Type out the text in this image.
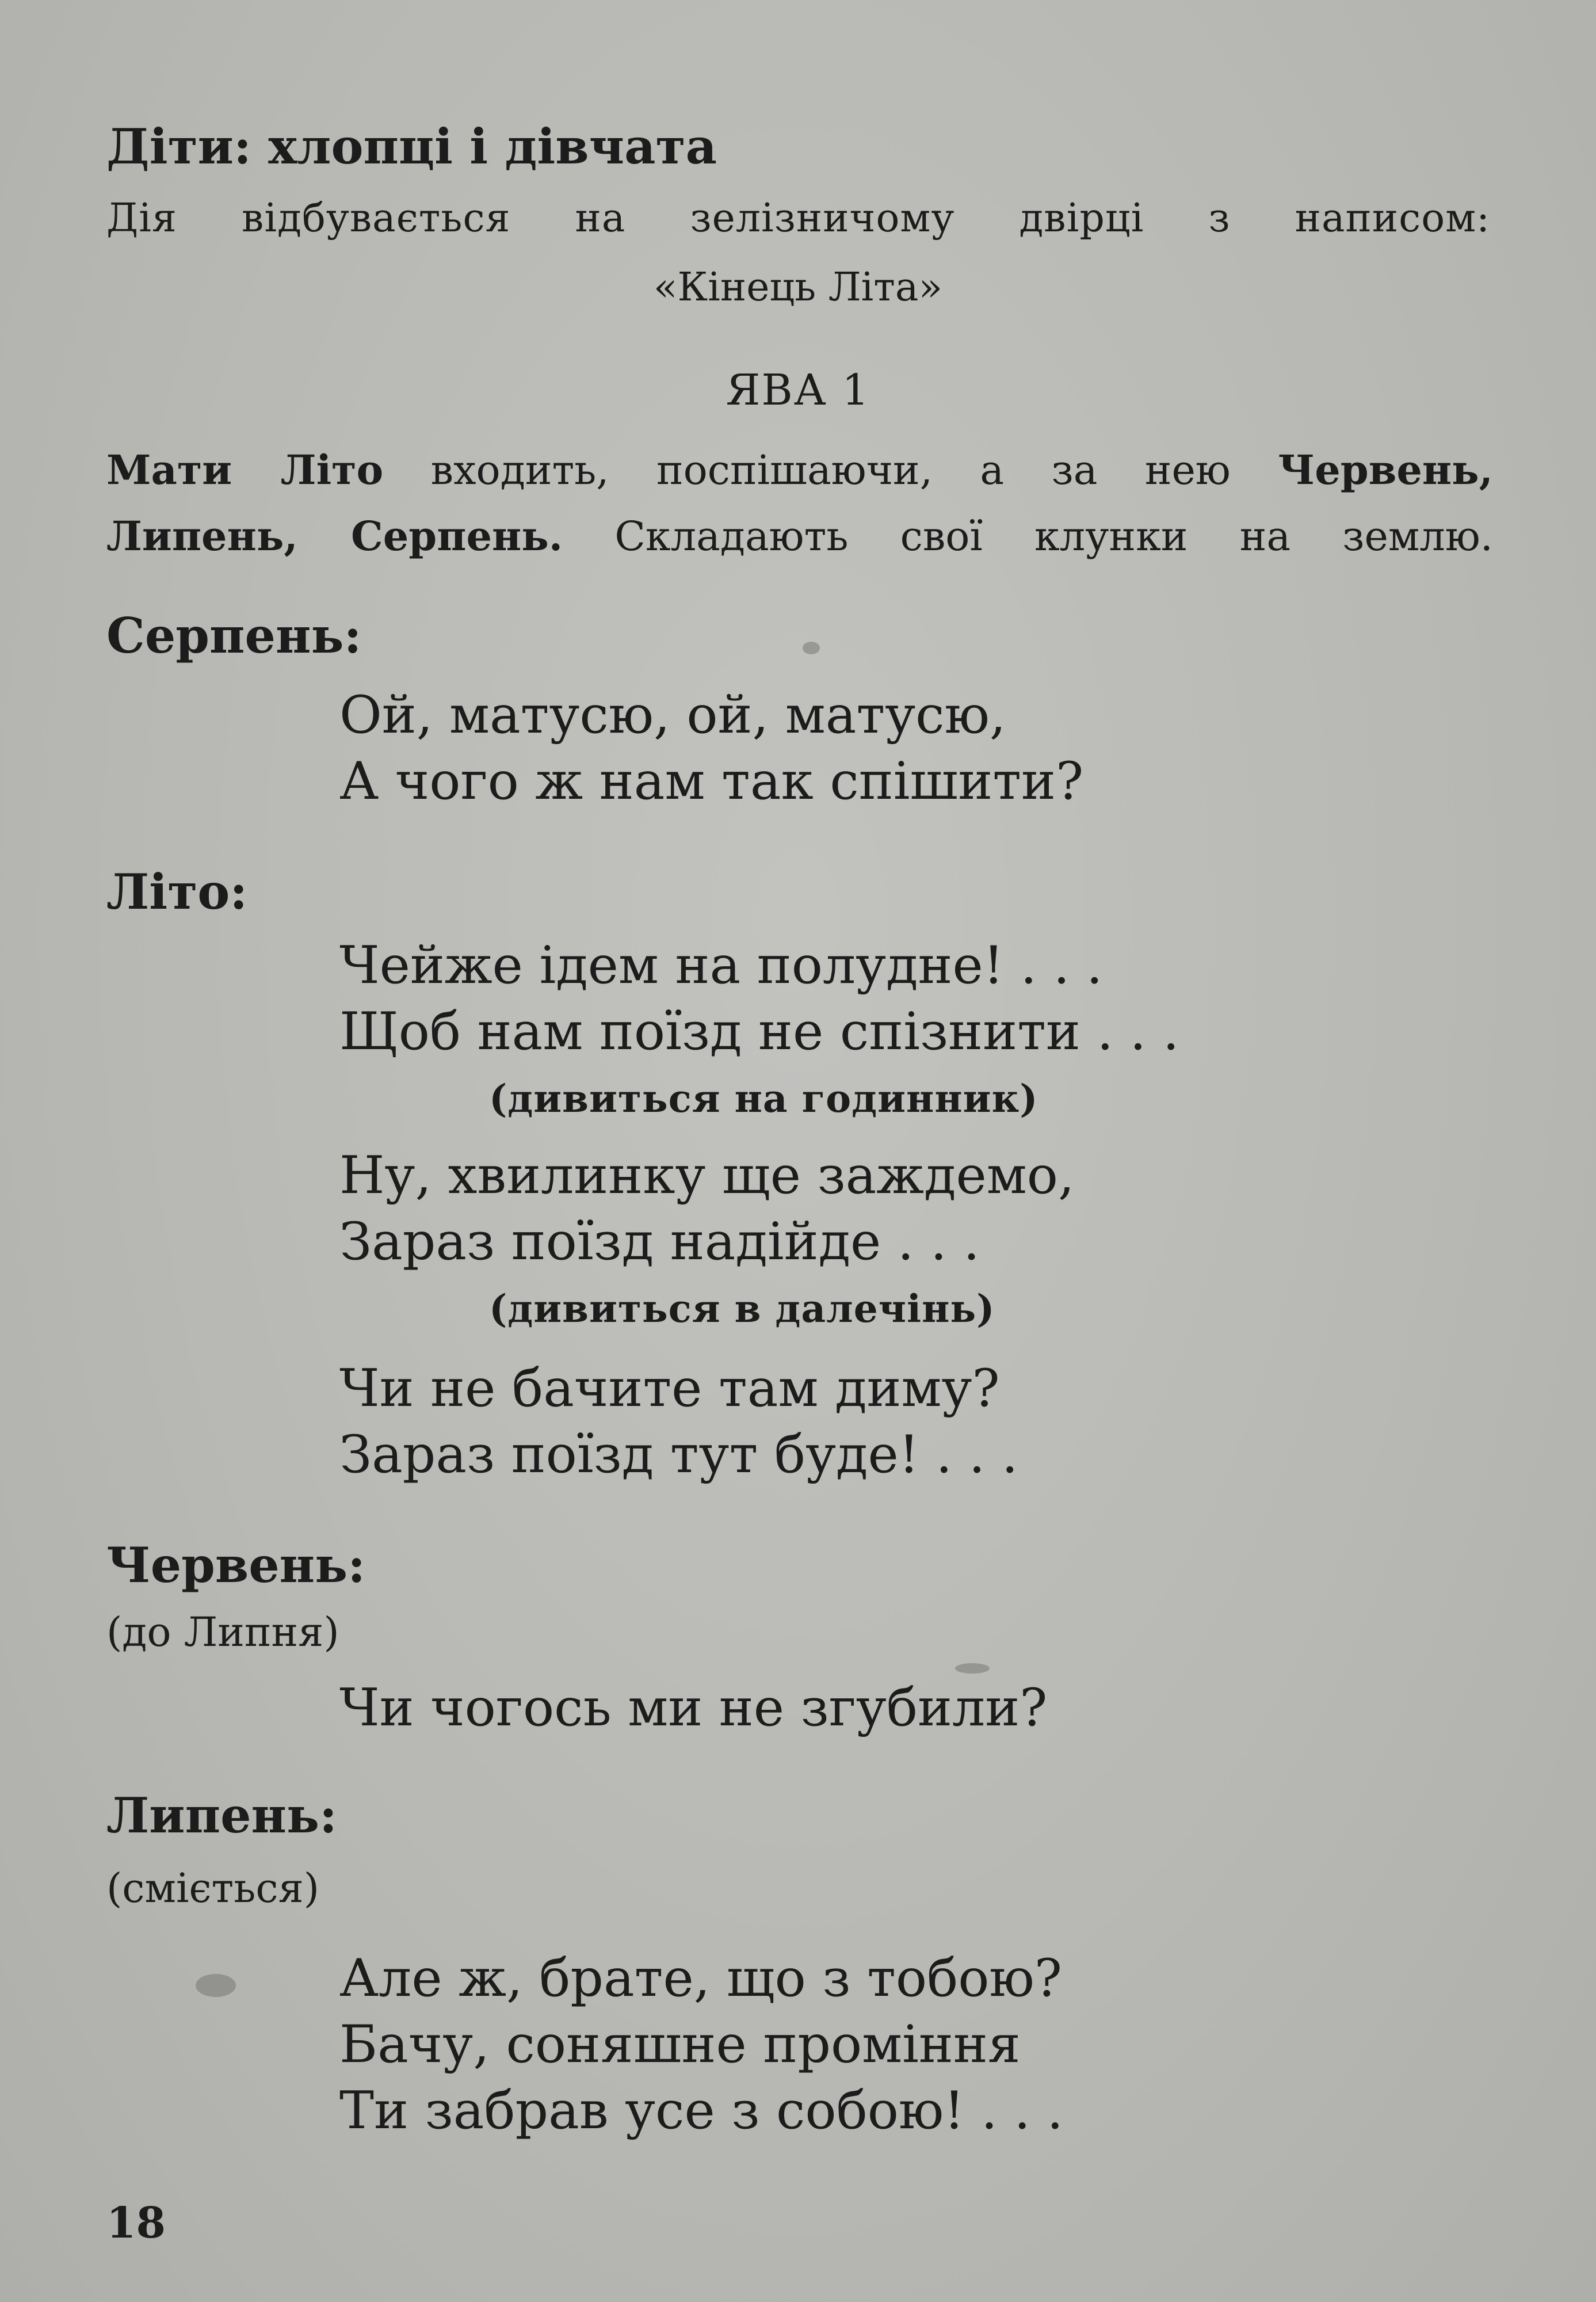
Діти: хлопці і дівчата
Дія відбувається на зелізничому двірці з написом:
«Кінець Літа»
ЯВА 1
Мати Літо входить, поспішаючи, а за нею Червень,
Липень, Серпень. Складають свої клунки на землю.
Серпень:
Ой, матусю, ой, матусю,
А чого ж нам так спішити?
Літо:
Чейже ідем на полудне! . . .
Щоб нам поїзд не спізнити . . .
(дивиться на годинник)
Ну, хвилинку ще заждемо,
Зараз поїзд надійде . . .
(дивиться в далечінь)
Чи не бачите там диму?
Зараз поїзд тут буде! . . .
Червень:
(до Липня)
Чи чогось ми не згубили?
Липень:
(сміється)
Але ж, брате, що з тобою?
Бачу, соняшне проміння
Ти забрав усе з собою! . . .
18
